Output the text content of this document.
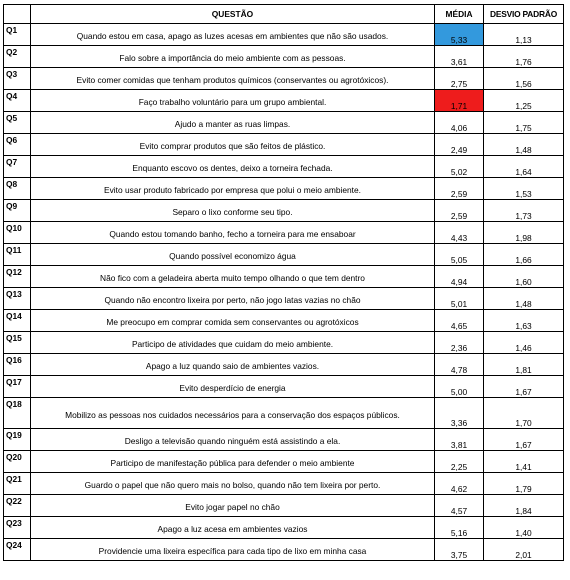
	QUESTÃO	MÉDIA	DESVIO PADRÃO
Q1	Quando estou em casa, apago as luzes acesas em ambientes que não são usados.	5,33	1,13
Q2	Falo sobre a importância do meio ambiente com as pessoas.	3,61	1,76
Q3	Evito comer comidas que tenham produtos químicos (conservantes ou agrotóxicos).	2,75	1,56
Q4	Faço trabalho voluntário para um grupo ambiental.	1,71	1,25
Q5	Ajudo a manter as ruas limpas.	4,06	1,75
Q6	Evito comprar produtos que são feitos de plástico.	2,49	1,48
Q7	Enquanto escovo os dentes, deixo a torneira fechada.	5,02	1,64
Q8	Evito usar produto fabricado por empresa que polui o meio ambiente.	2,59	1,53
Q9	Separo o lixo conforme seu tipo.	2,59	1,73
Q10	Quando estou tomando banho, fecho a torneira para me ensaboar	4,43	1,98
Q11	Quando possível economizo água	5,05	1,66
Q12	Não fico com a geladeira aberta muito tempo olhando o que tem dentro	4,94	1,60
Q13	Quando não encontro lixeira por perto, não jogo latas vazias no chão	5,01	1,48
Q14	Me preocupo em comprar comida sem conservantes ou agrotóxicos	4,65	1,63
Q15	Participo de atividades que cuidam do meio ambiente.	2,36	1,46
Q16	Apago a luz quando saio de ambientes vazios.	4,78	1,81
Q17	Evito desperdício de energia	5,00	1,67
Q18	Mobilizo as pessoas nos cuidados necessários para a conservação dos espaços públicos.	3,36	1,70
Q19	Desligo a televisão quando ninguém está assistindo a ela.	3,81	1,67
Q20	Participo de manifestação pública para defender o meio ambiente	2,25	1,41
Q21	Guardo o papel que não quero mais no bolso, quando não tem lixeira por perto.	4,62	1,79
Q22	Evito jogar papel no chão	4,57	1,84
Q23	Apago a luz acesa em ambientes vazios	5,16	1,40
Q24	Providencie uma lixeira específica para cada tipo de lixo em minha casa	3,75	2,01
